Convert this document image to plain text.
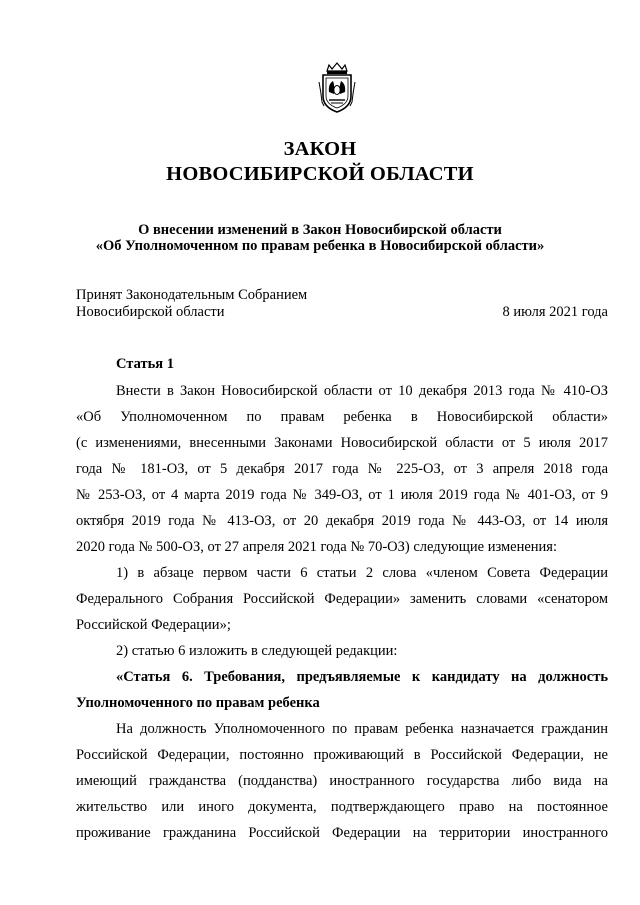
ЗАКОН
НОВОСИБИРСКОЙ ОБЛАСТИ
О внесении изменений в Закон Новосибирской области
«Об Уполномоченном по правам ребенка в Новосибирской области»
Принят Законодательным Собранием
Новосибирской области	8 июля 2021 года
Статья 1
Внести в Закон Новосибирской области от 10 декабря 2013 года № 410-ОЗ
«Об Уполномоченном по правам ребенка в Новосибирской области»
(с изменениями, внесенными Законами Новосибирской области от 5 июля 2017
года № 181-ОЗ, от 5 декабря 2017 года № 225-ОЗ, от 3 апреля 2018 года
№ 253-ОЗ, от 4 марта 2019 года № 349-ОЗ, от 1 июля 2019 года № 401-ОЗ, от 9
октября 2019 года № 413-ОЗ, от 20 декабря 2019 года № 443-ОЗ, от 14 июля
2020 года № 500-ОЗ, от 27 апреля 2021 года № 70-ОЗ) следующие изменения:
1) в абзаце первом части 6 статьи 2 слова «членом Совета Федерации
Федерального Собрания Российской Федерации» заменить словами «сенатором
Российской Федерации»;
2) статью 6 изложить в следующей редакции:
«Статья 6. Требования, предъявляемые к кандидату на должность
Уполномоченного по правам ребенка
На должность Уполномоченного по правам ребенка назначается гражданин
Российской Федерации, постоянно проживающий в Российской Федерации, не
имеющий гражданства (подданства) иностранного государства либо вида на
жительство или иного документа, подтверждающего право на постоянное
проживание гражданина Российской Федерации на территории иностранного
